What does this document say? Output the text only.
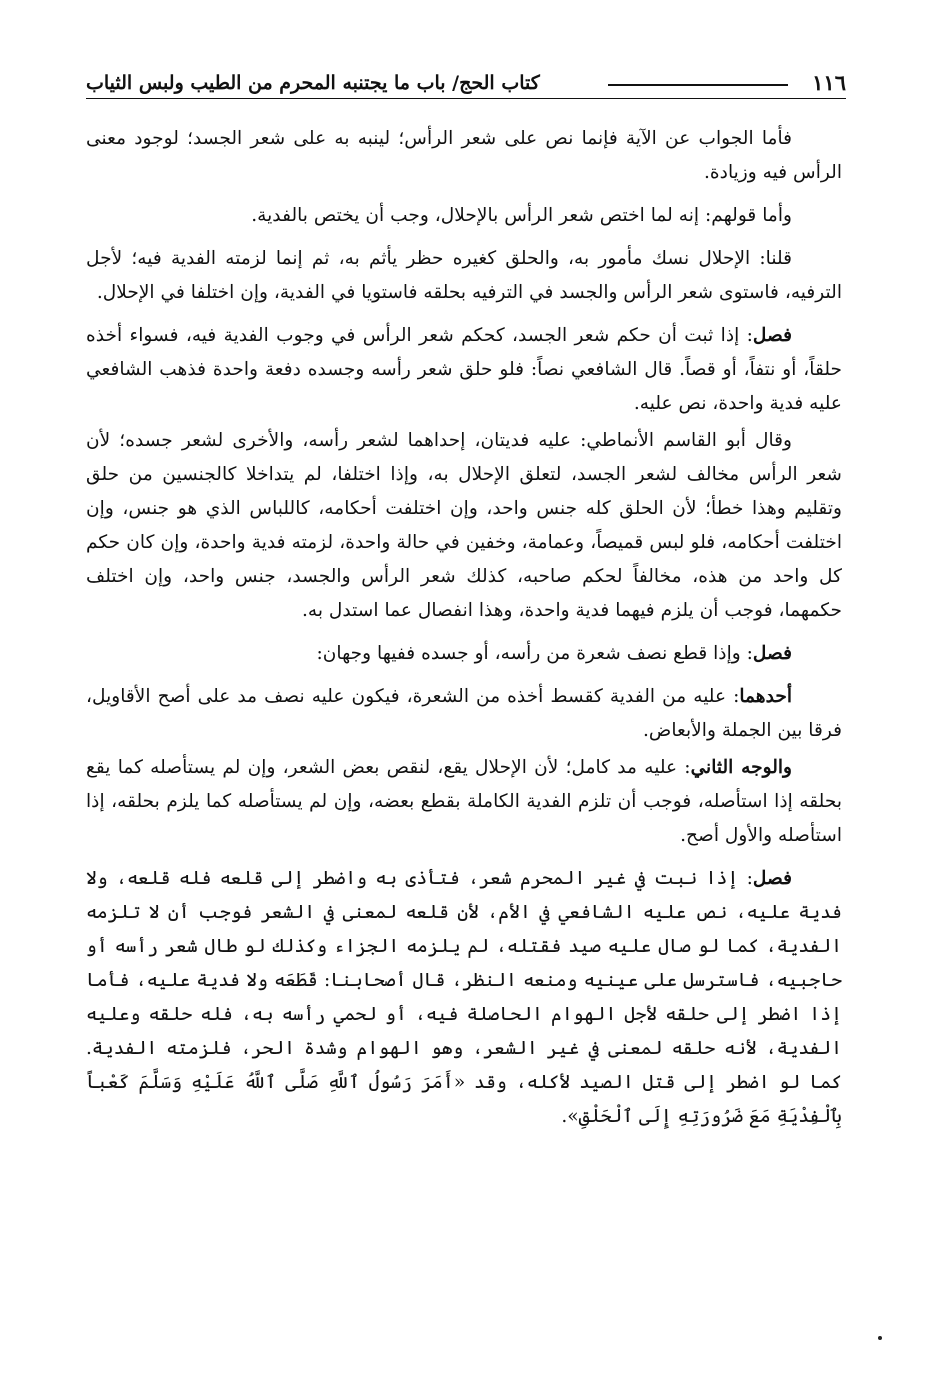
١١٦
كتاب الحج/ باب ما يجتنبه المحرم من الطيب ولبس الثياب

فأما الجواب عن الآية فإنما نص على شعر الرأس؛ لينبه به على شعر الجسد؛ لوجود معنى الرأس فيه وزيادة.

وأما قولهم: إنه لما اختص شعر الرأس بالإحلال، وجب أن يختص بالفدية.

قلنا: الإحلال نسك مأمور به، والحلق كغيره حظر يأثم به، ثم إنما لزمته الفدية فيه؛ لأجل الترفيه، فاستوى شعر الرأس والجسد في الترفيه بحلقه فاستويا في الفدية، وإن اختلفا في الإحلال.

فصل: إذا ثبت أن حكم شعر الجسد، كحكم شعر الرأس في وجوب الفدية فيه، فسواء أخذه حلقاً، أو نتفاً، أو قصاً. قال الشافعي نصاً: فلو حلق شعر رأسه وجسده دفعة واحدة فذهب الشافعي عليه فدية واحدة، نص عليه.

وقال أبو القاسم الأنماطي: عليه فديتان، إحداهما لشعر رأسه، والأخرى لشعر جسده؛ لأن شعر الرأس مخالف لشعر الجسد، لتعلق الإحلال به، وإذا اختلفا، لم يتداخلا كالجنسين من حلق وتقليم وهذا خطأ؛ لأن الحلق كله جنس واحد، وإن اختلفت أحكامه، كاللباس الذي هو جنس، وإن اختلفت أحكامه، فلو لبس قميصاً، وعمامة، وخفين في حالة واحدة، لزمته فدية واحدة، وإن كان حكم كل واحد من هذه، مخالفاً لحكم صاحبه، كذلك شعر الرأس والجسد، جنس واحد، وإن اختلف حكمهما، فوجب أن يلزم فيهما فدية واحدة، وهذا انفصال عما استدل به.

فصل: وإذا قطع نصف شعرة من رأسه، أو جسده ففيها وجهان:

أحدهما: عليه من الفدية كقسط أخذه من الشعرة، فيكون عليه نصف مد على أصح الأقاويل، فرقا بين الجملة والأبعاض.

والوجه الثاني: عليه مد كامل؛ لأن الإحلال يقع، لنقص بعض الشعر، وإن لم يستأصله كما يقع بحلقه إذا استأصله، فوجب أن تلزم الفدية الكاملة بقطع بعضه، وإن لم يستأصله كما يلزم بحلقه، إذا استأصله والأول أصح.

فصل: إذا نبت في غير المحرم شعر، فتأذى به واضطر إلى قلعه فله قلعه، ولا فدية عليه، نص عليه الشافعي في الأم، لأن قلعه لمعنى في الشعر فوجب أن لا تلزمه الفدية، كما لو صال عليه صيد فقتله، لم يلزمه الجزاء وكذلك لو طال شعر رأسه أو حاجبيه، فاسترسل على عينيه ومنعه النظر، قال أصحابنا: قَطَعَه ولا فدية عليه، فأما إذا اضطر إلى حلقه لأجل الهوام الحاصلة فيه، أو لحمي رأسه به، فله حلقه وعليه الفدية، لأنه حلقه لمعنى في غير الشعر، وهو الهوام وشدة الحر، فلزمته الفدية. كما لو اضطر إلى قتل الصيد لأكله، وقد «أَمَرَ رَسُولُ ٱللَّهِ صَلَّى ٱللَّهُ عَلَيْهِ وَسَلَّمَ كَعْباً بِٱلْفِدْيَةِ مَعَ ضَرُورَتِهِ إِلَى ٱلْحَلْقِ».
